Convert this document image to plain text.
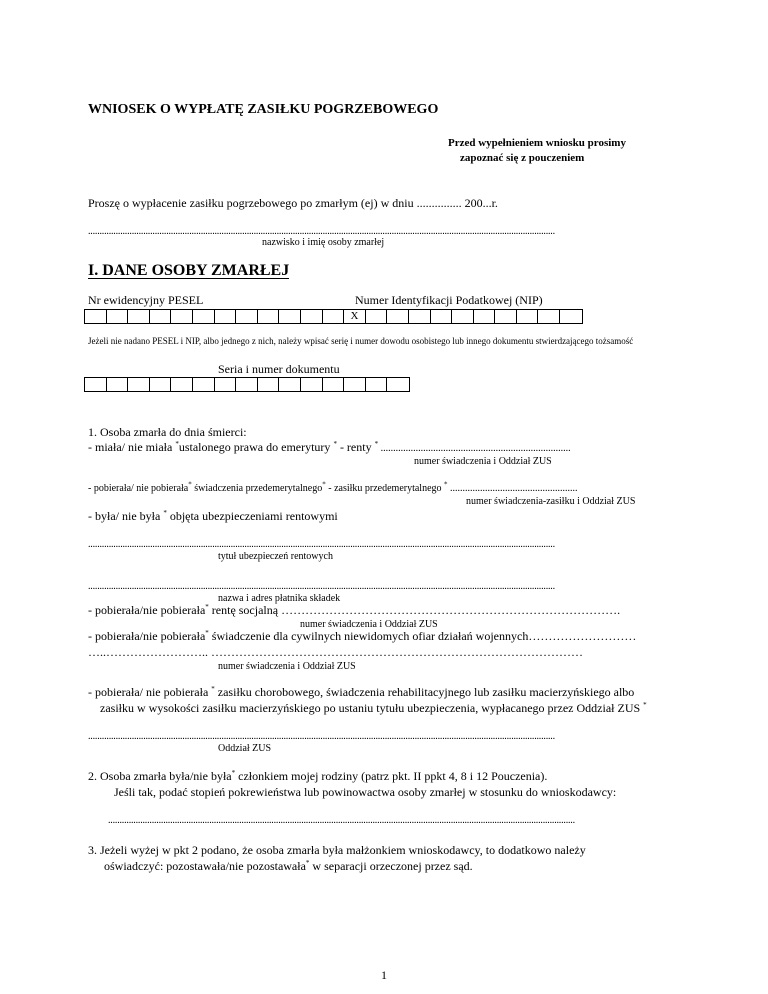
WNIOSEK O WYPŁATĘ ZASIŁKU POGRZEBOWEGO
Przed wypełnieniem wniosku prosimy
zapoznać się z pouczeniem
Proszę o wypłacenie zasiłku pogrzebowego po zmarłym (ej) w dniu ............... 200...r.
...........................................................................................................................................................................................................
nazwisko i imię osoby zmarłej
I. DANE OSOBY ZMARŁEJ
Nr ewidencyjny PESEL	Numer Identyfikacji Podatkowej (NIP)
X
Jeżeli nie nadano PESEL i NIP, albo jednego z nich, należy wpisać serię i numer dowodu osobistego lub innego dokumentu stwierdzającego tożsamość
Seria i numer dokumentu
1. Osoba zmarła do dnia śmierci:
- miała/ nie miała *ustalonego prawa do emerytury * - renty * ............................................................................
numer świadczenia i Oddział ZUS
- pobierała/ nie pobierała* świadczenia przedemerytalnego* - zasiłku przedemerytalnego * ...................................................
numer świadczenia-zasiłku i Oddział ZUS
- była/ nie była * objęta ubezpieczeniami rentowymi
...........................................................................................................................................................................................................
tytuł ubezpieczeń rentowych
...........................................................................................................................................................................................................
nazwa i adres płatnika składek
- pobierała/nie pobierała* rentę socjalną ………………………………………………………………………….
numer świadczenia i Oddział ZUS
- pobierała/nie pobierała* świadczenie dla cywilnych niewidomych ofiar działań wojennych………………………
…..…………………….. …………………………………………………………………………………
numer świadczenia i Oddział ZUS
- pobierała/ nie pobierała * zasiłku chorobowego, świadczenia rehabilitacyjnego lub zasiłku macierzyńskiego albo
zasiłku w wysokości zasiłku macierzyńskiego po ustaniu tytułu ubezpieczenia, wypłacanego przez Oddział ZUS *
...........................................................................................................................................................................................................
Oddział ZUS
2. Osoba zmarła była/nie była* członkiem mojej rodziny (patrz pkt. II ppkt 4, 8 i 12 Pouczenia).
Jeśli tak, podać stopień pokrewieństwa lub powinowactwa osoby zmarłej w stosunku do wnioskodawcy:
...........................................................................................................................................................................................................
3. Jeżeli wyżej w pkt 2 podano, że osoba zmarła była małżonkiem wnioskodawcy, to dodatkowo należy
oświadczyć: pozostawała/nie pozostawała* w separacji orzeczonej przez sąd.
1
